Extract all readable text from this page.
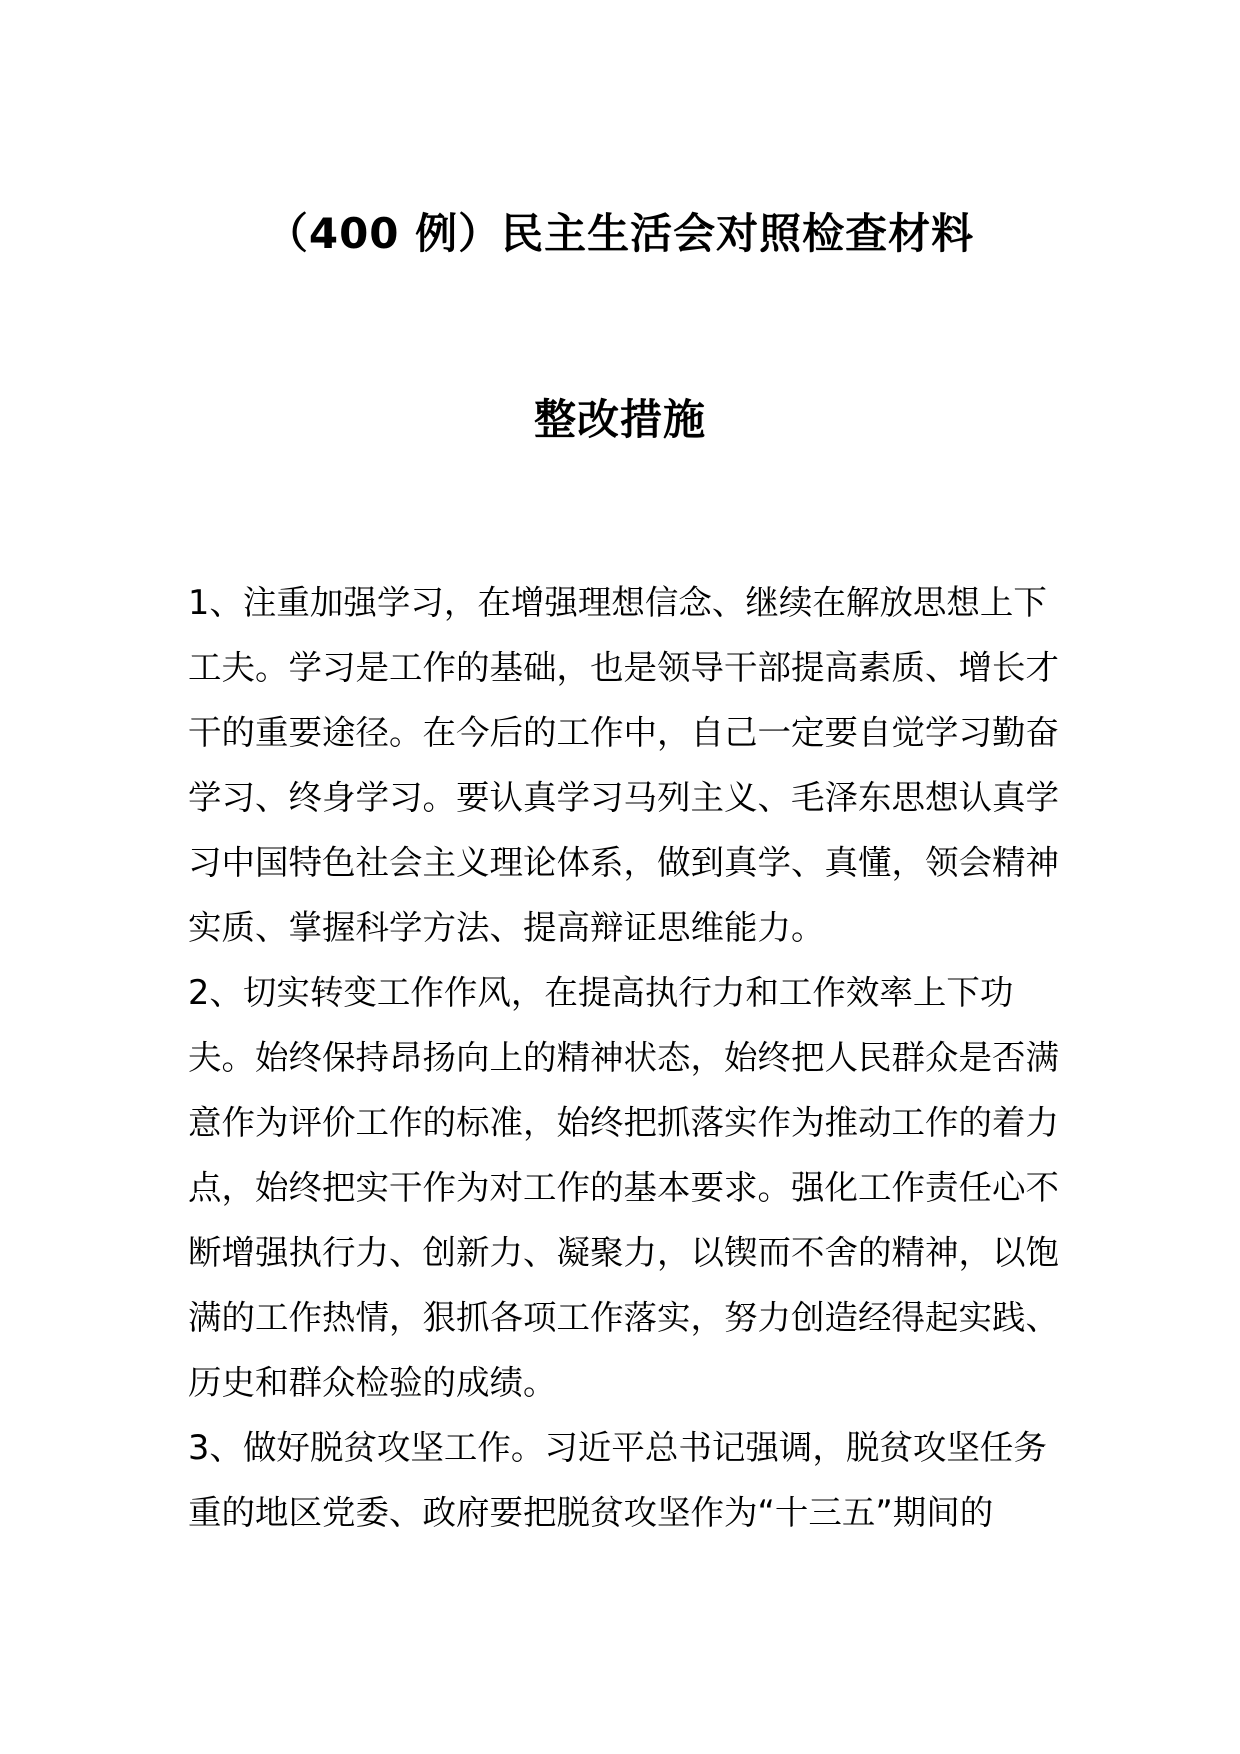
（400 例）民主生活会对照检查材料
整改措施

1、注重加强学习，在增强理想信念、继续在解放思想上下工夫。学习是工作的基础，也是领导干部提高素质、增长才干的重要途径。在今后的工作中，自己一定要自觉学习勤奋学习、终身学习。要认真学习马列主义、毛泽东思想认真学习中国特色社会主义理论体系，做到真学、真懂，领会精神实质、掌握科学方法、提高辩证思维能力。

2、切实转变工作作风，在提高执行力和工作效率上下功夫。始终保持昂扬向上的精神状态，始终把人民群众是否满意作为评价工作的标准，始终把抓落实作为推动工作的着力点，始终把实干作为对工作的基本要求。强化工作责任心不断增强执行力、创新力、凝聚力，以锲而不舍的精神，以饱满的工作热情，狠抓各项工作落实，努力创造经得起实践、历史和群众检验的成绩。

3、做好脱贫攻坚工作。习近平总书记强调，脱贫攻坚任务重的地区党委、政府要把脱贫攻坚作为“十三五”期间的
